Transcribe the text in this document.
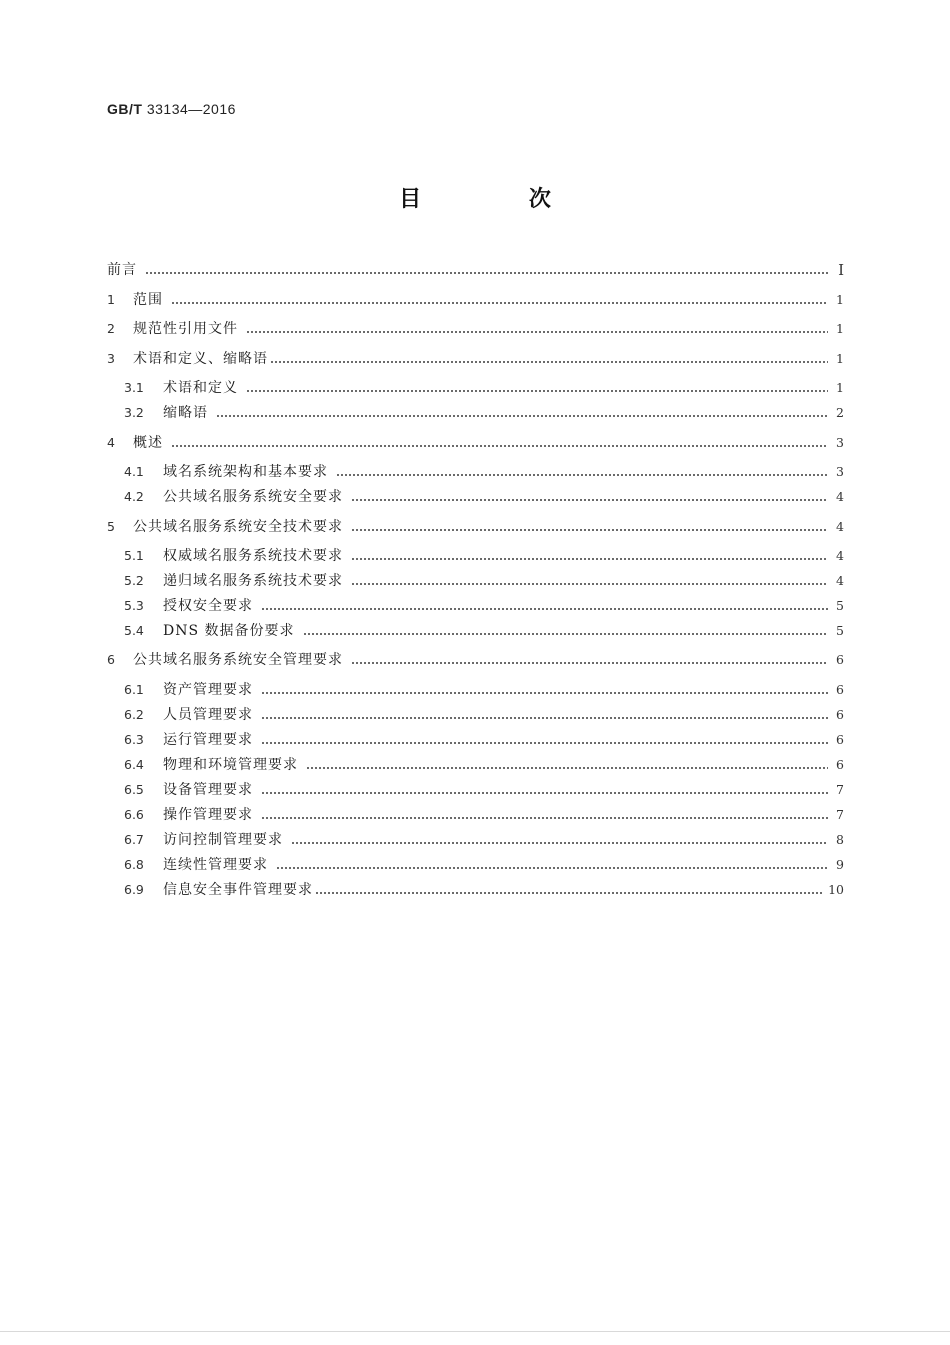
GB/T 33134—2016
目 次
前言	Ⅰ
1	范围	1
2	规范性引用文件	1
3	术语和定义、缩略语	1
3.1	术语和定义	1
3.2	缩略语	2
4	概述	3
4.1	域名系统架构和基本要求	3
4.2	公共域名服务系统安全要求	4
5	公共域名服务系统安全技术要求	4
5.1	权威域名服务系统技术要求	4
5.2	递归域名服务系统技术要求	4
5.3	授权安全要求	5
5.4	DNS 数据备份要求	5
6	公共域名服务系统安全管理要求	6
6.1	资产管理要求	6
6.2	人员管理要求	6
6.3	运行管理要求	6
6.4	物理和环境管理要求	6
6.5	设备管理要求	7
6.6	操作管理要求	7
6.7	访问控制管理要求	8
6.8	连续性管理要求	9
6.9	信息安全事件管理要求	10
